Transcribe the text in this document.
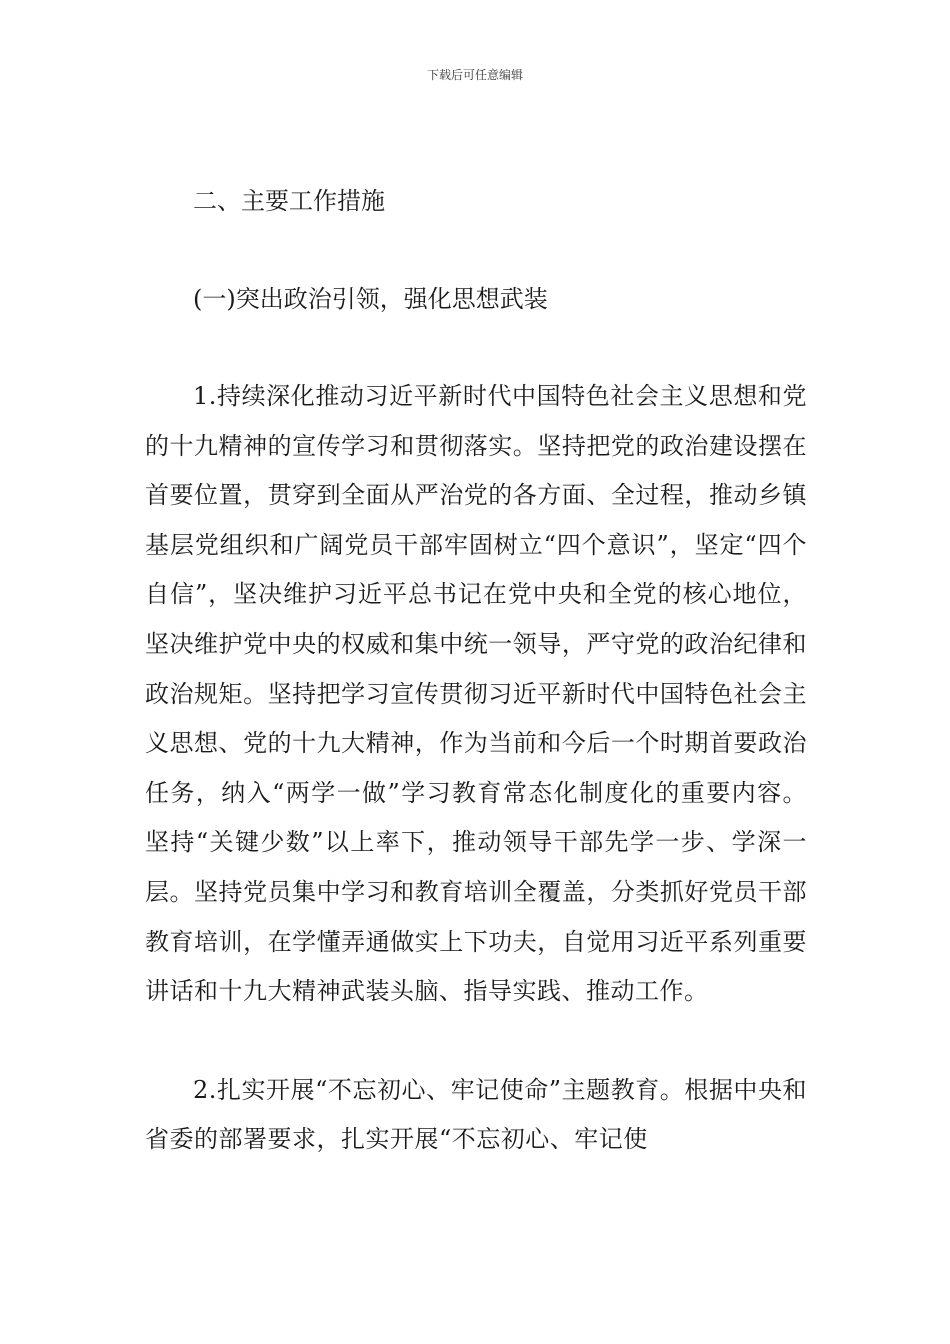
下载后可任意编辑

二、主要工作措施

(一)突出政治引领，强化思想武装

1.持续深化推动习近平新时代中国特色社会主义思想和党的十九精神的宣传学习和贯彻落实。坚持把党的政治建设摆在首要位置，贯穿到全面从严治党的各方面、全过程，推动乡镇基层党组织和广阔党员干部牢固树立“四个意识”，坚定“四个自信”，坚决维护习近平总书记在党中央和全党的核心地位，坚决维护党中央的权威和集中统一领导，严守党的政治纪律和政治规矩。坚持把学习宣传贯彻习近平新时代中国特色社会主义思想、党的十九大精神，作为当前和今后一个时期首要政治任务，纳入“两学一做”学习教育常态化制度化的重要内容。坚持“关键少数”以上率下，推动领导干部先学一步、学深一层。坚持党员集中学习和教育培训全覆盖，分类抓好党员干部教育培训，在学懂弄通做实上下功夫，自觉用习近平系列重要讲话和十九大精神武装头脑、指导实践、推动工作。

2.扎实开展“不忘初心、牢记使命”主题教育。根据中央和省委的部署要求，扎实开展“不忘初心、牢记使
